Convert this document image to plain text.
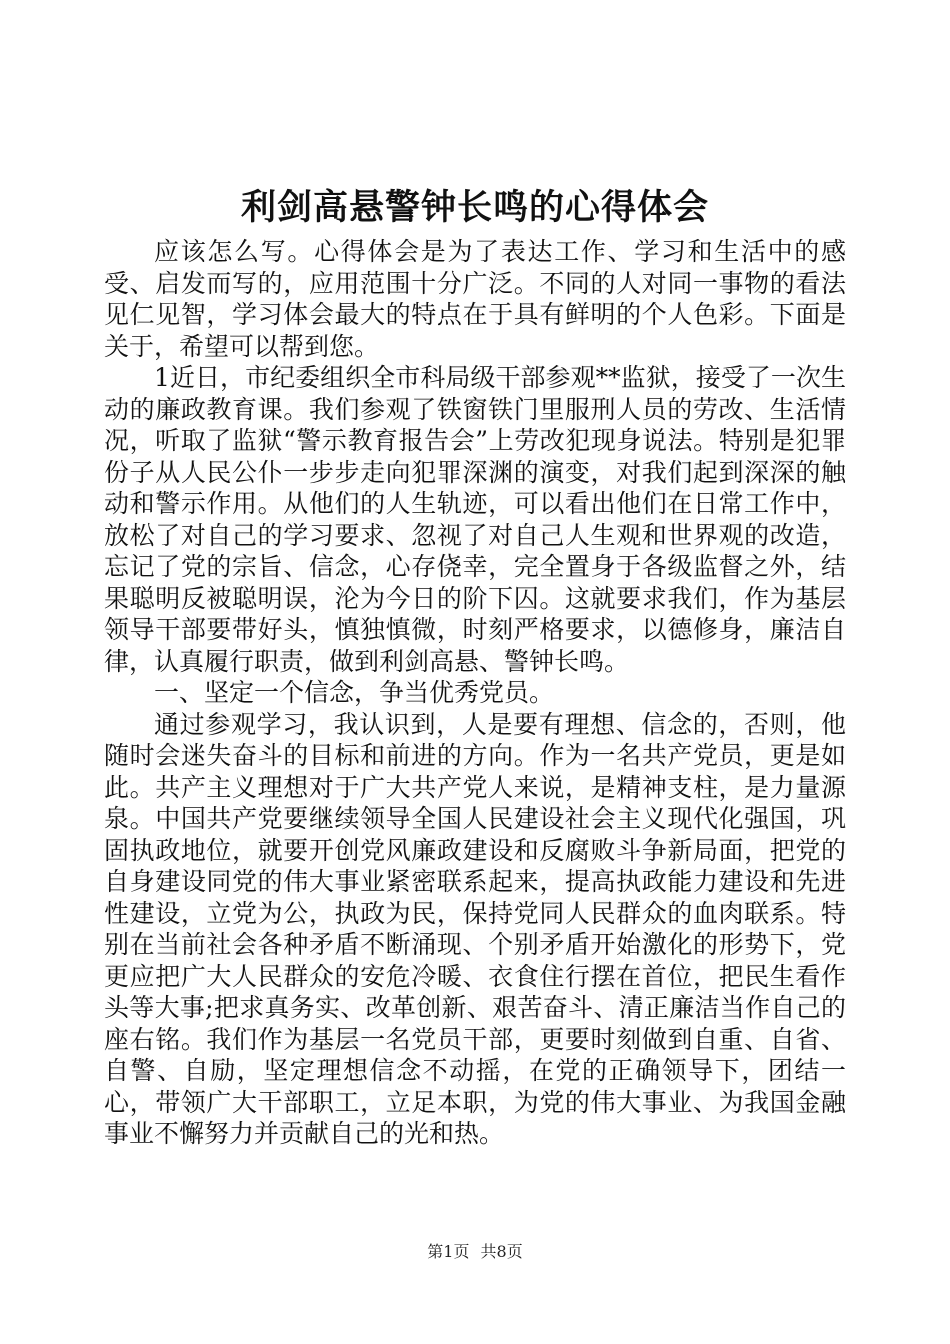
利剑高悬警钟长鸣的心得体会

应该怎么写。心得体会是为了表达工作、学习和生活中的感受、启发而写的，应用范围十分广泛。不同的人对同一事物的看法见仁见智，学习体会最大的特点在于具有鲜明的个人色彩。下面是关于，希望可以帮到您。

1近日，市纪委组织全市科局级干部参观**监狱，接受了一次生动的廉政教育课。我们参观了铁窗铁门里服刑人员的劳改、生活情况，听取了监狱“警示教育报告会”上劳改犯现身说法。特别是犯罪份子从人民公仆一步步走向犯罪深渊的演变，对我们起到深深的触动和警示作用。从他们的人生轨迹，可以看出他们在日常工作中，放松了对自己的学习要求、忽视了对自己人生观和世界观的改造，忘记了党的宗旨、信念，心存侥幸，完全置身于各级监督之外，结果聪明反被聪明误，沦为今日的阶下囚。这就要求我们，作为基层领导干部要带好头，慎独慎微，时刻严格要求，以德修身，廉洁自律，认真履行职责，做到利剑高悬、警钟长鸣。

一、坚定一个信念，争当优秀党员。

通过参观学习，我认识到，人是要有理想、信念的，否则，他随时会迷失奋斗的目标和前进的方向。作为一名共产党员，更是如此。共产主义理想对于广大共产党人来说，是精神支柱，是力量源泉。中国共产党要继续领导全国人民建设社会主义现代化强国，巩固执政地位，就要开创党风廉政建设和反腐败斗争新局面，把党的自身建设同党的伟大事业紧密联系起来，提高执政能力建设和先进性建设，立党为公，执政为民，保持党同人民群众的血肉联系。特别在当前社会各种矛盾不断涌现、个别矛盾开始激化的形势下，党更应把广大人民群众的安危冷暖、衣食住行摆在首位，把民生看作头等大事;把求真务实、改革创新、艰苦奋斗、清正廉洁当作自己的座右铭。我们作为基层一名党员干部，更要时刻做到自重、自省、自警、自励，坚定理想信念不动摇，在党的正确领导下，团结一心，带领广大干部职工，立足本职，为党的伟大事业、为我国金融事业不懈努力并贡献自己的光和热。

第1页 共8页
